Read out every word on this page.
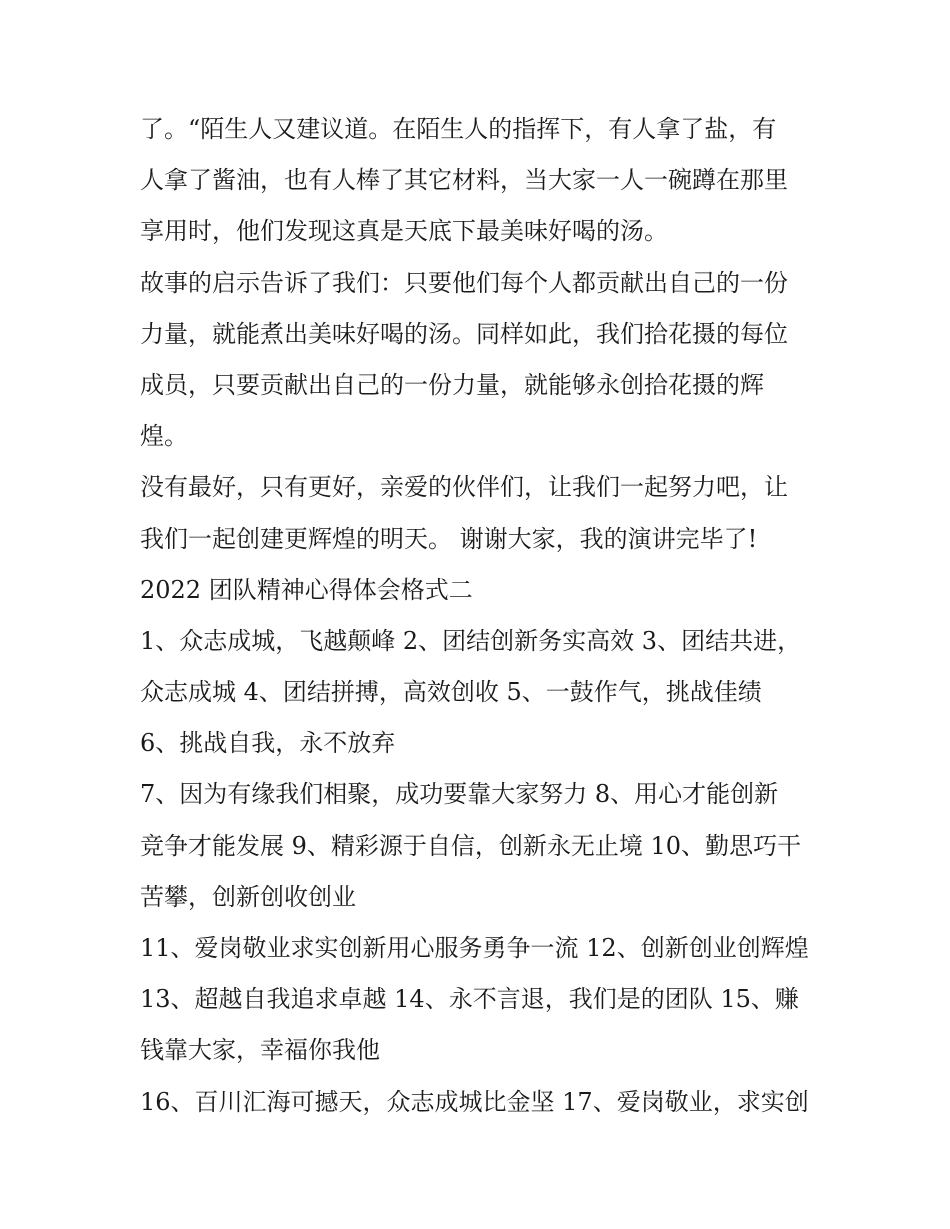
了。“陌生人又建议道。在陌生人的指挥下，有人拿了盐，有
人拿了酱油，也有人棒了其它材料，当大家一人一碗蹲在那里
享用时，他们发现这真是天底下最美味好喝的汤。
故事的启示告诉了我们：只要他们每个人都贡献出自己的一份
力量，就能煮出美味好喝的汤。同样如此，我们拾花摄的每位
成员，只要贡献出自己的一份力量，就能够永创拾花摄的辉
煌。
没有最好，只有更好，亲爱的伙伴们，让我们一起努力吧，让
我们一起创建更辉煌的明天。 谢谢大家，我的演讲完毕了!
2022 团队精神心得体会格式二
1、众志成城，飞越颠峰 2、团结创新务实高效 3、团结共进，
众志成城 4、团结拼搏，高效创收 5、一鼓作气，挑战佳绩
6、挑战自我，永不放弃
7、因为有缘我们相聚，成功要靠大家努力 8、用心才能创新
竞争才能发展 9、精彩源于自信，创新永无止境 10、勤思巧干
苦攀，创新创收创业
11、爱岗敬业求实创新用心服务勇争一流 12、创新创业创辉煌
13、超越自我追求卓越 14、永不言退，我们是的团队 15、赚
钱靠大家，幸福你我他
16、百川汇海可撼天，众志成城比金坚 17、爱岗敬业，求实创
